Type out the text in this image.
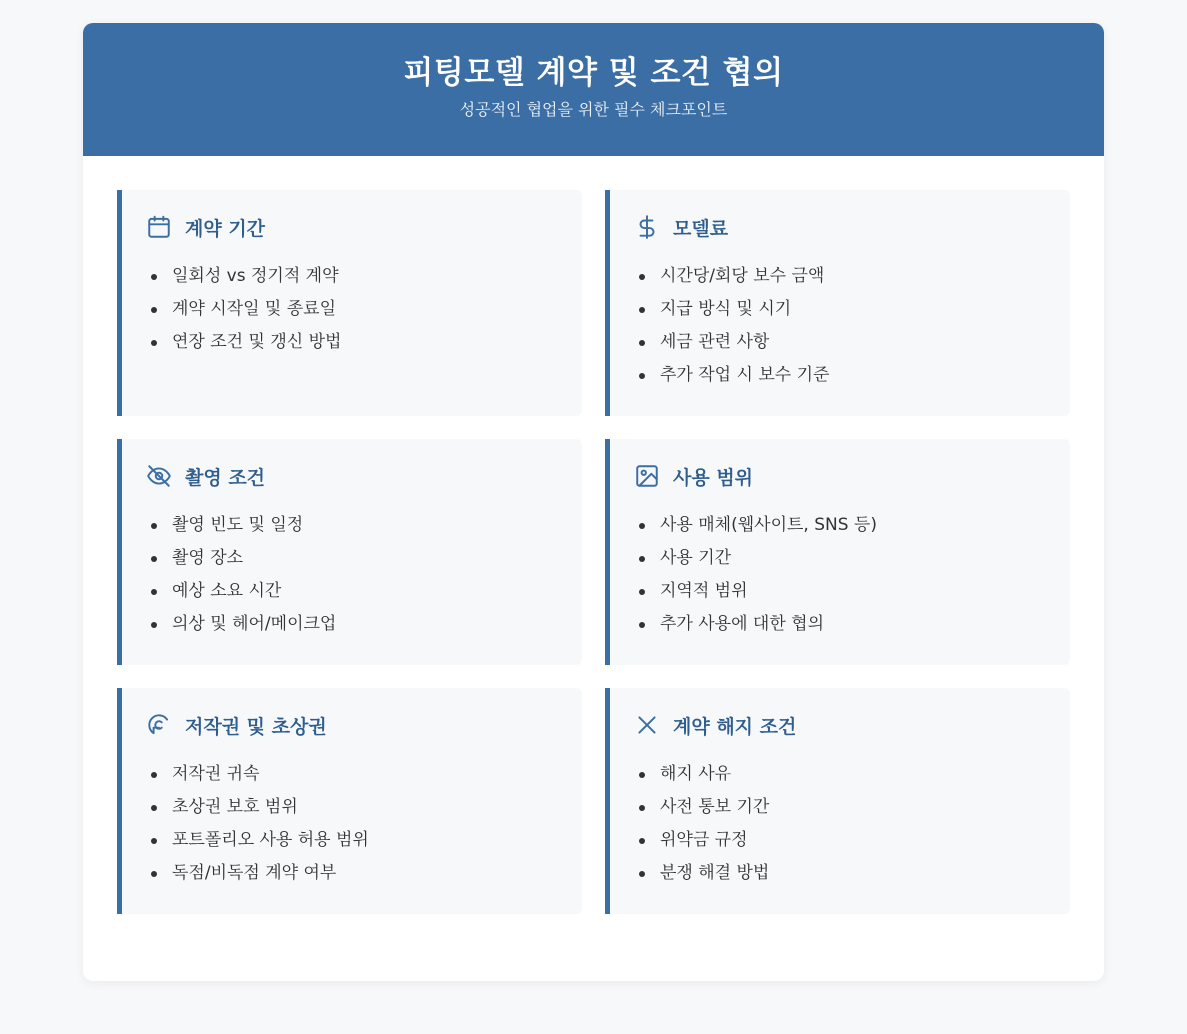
피팅모델 계약 및 조건 협의

성공적인 협업을 위한 필수 체크포인트

계약 기간
일회성 vs 정기적 계약
계약 시작일 및 종료일
연장 조건 및 갱신 방법
모델료
시간당/회당 보수 금액
지급 방식 및 시기
세금 관련 사항
추가 작업 시 보수 기준
촬영 조건
촬영 빈도 및 일정
촬영 장소
예상 소요 시간
의상 및 헤어/메이크업
사용 범위
사용 매체(웹사이트, SNS 등)
사용 기간
지역적 범위
추가 사용에 대한 협의
저작권 및 초상권
저작권 귀속
초상권 보호 범위
포트폴리오 사용 허용 범위
독점/비독점 계약 여부
계약 해지 조건
해지 사유
사전 통보 기간
위약금 규정
분쟁 해결 방법
